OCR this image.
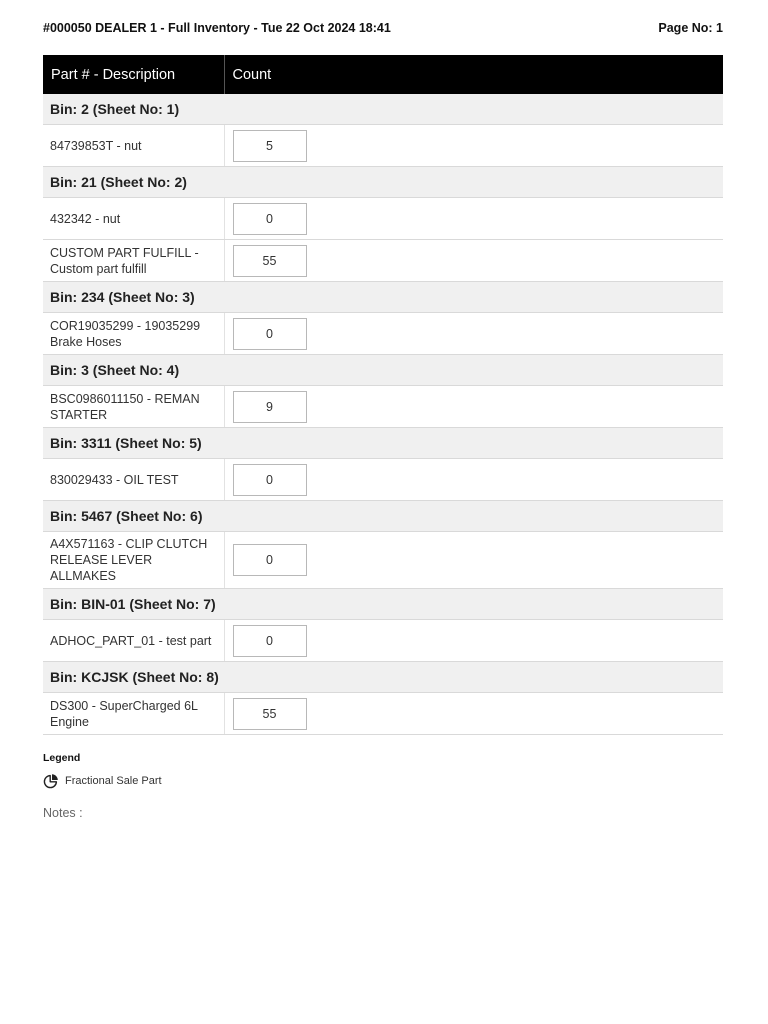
#000050 DEALER 1 - Full Inventory - Tue 22 Oct 2024 18:41	Page No: 1
Part # - Description	Count
Bin: 2 (Sheet No: 1)	
84739853T - nut	5

Bin: 21 (Sheet No: 2)	
432342 - nut	0

CUSTOM PART FULFILL - Custom part fulfill	55

Bin: 234 (Sheet No: 3)	
COR19035299 - 19035299 Brake Hoses	0

Bin: 3 (Sheet No: 4)	
BSC0986011150 - REMAN STARTER	9

Bin: 3311 (Sheet No: 5)	
830029433 - OIL TEST	0

Bin: 5467 (Sheet No: 6)	
A4X571163 - CLIP CLUTCH RELEASE LEVER ALLMAKES	0

Bin: BIN-01 (Sheet No: 7)	
ADHOC_PART_01 - test part	0

Bin: KCJSK (Sheet No: 8)	
DS300 - SuperCharged 6L Engine	55
Legend
Fractional Sale Part
Notes :
